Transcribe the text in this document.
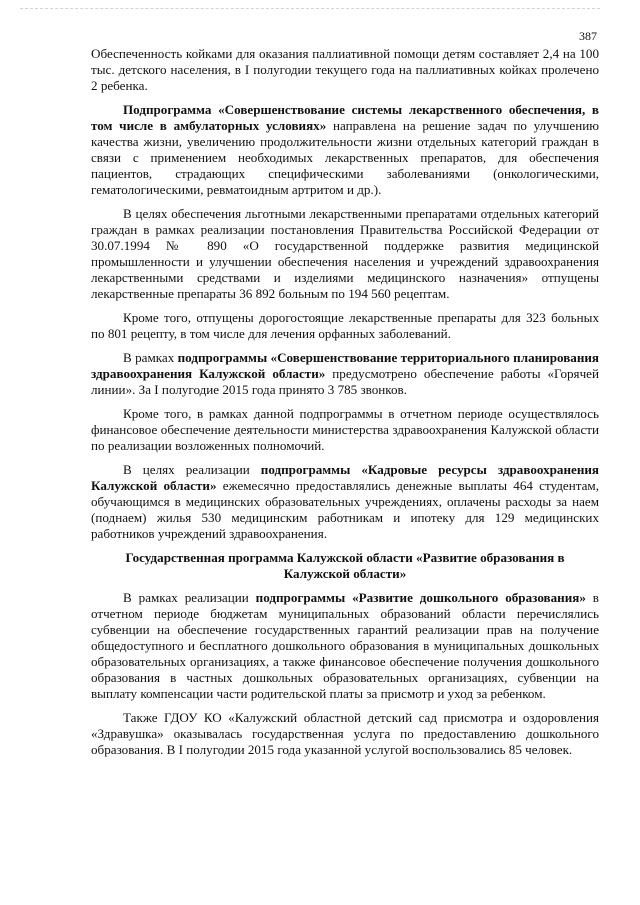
387

Обеспеченность койками для оказания паллиативной помощи детям составляет 2,4 на 100 тыс. детского населения, в I полугодии текущего года на паллиативных койках пролечено 2 ребенка.

Подпрограмма «Совершенствование системы лекарственного обеспечения, в том числе в амбулаторных условиях» направлена на решение задач по улучшению качества жизни, увеличению продолжительности жизни отдельных категорий граждан в связи с применением необходимых лекарственных препаратов, для обеспечения пациентов, страдающих специфическими заболеваниями (онкологическими, гематологическими, ревматоидным артритом и др.).

В целях обеспечения льготными лекарственными препаратами отдельных категорий граждан в рамках реализации постановления Правительства Российской Федерации от 30.07.1994 № 890 «О государственной поддержке развития медицинской промышленности и улучшении обеспечения населения и учреждений здравоохранения лекарственными средствами и изделиями медицинского назначения» отпущены лекарственные препараты 36 892 больным по 194 560 рецептам.

Кроме того, отпущены дорогостоящие лекарственные препараты для 323 больных по 801 рецепту, в том числе для лечения орфанных заболеваний.

В рамках подпрограммы «Совершенствование территориального планирования здравоохранения Калужской области» предусмотрено обеспечение работы «Горячей линии». За I полугодие 2015 года принято 3 785 звонков.

Кроме того, в рамках данной подпрограммы в отчетном периоде осуществлялось финансовое обеспечение деятельности министерства здравоохранения Калужской области по реализации возложенных полномочий.

В целях реализации подпрограммы «Кадровые ресурсы здравоохранения Калужской области» ежемесячно предоставлялись денежные выплаты 464 студентам, обучающимся в медицинских образовательных учреждениях, оплачены расходы за наем (поднаем) жилья 530 медицинским работникам и ипотеку для 129 медицинских работников учреждений здравоохранения.

Государственная программа Калужской области «Развитие образования в Калужской области»

В рамках реализации подпрограммы «Развитие дошкольного образования» в отчетном периоде бюджетам муниципальных образований области перечислялись субвенции на обеспечение государственных гарантий реализации прав на получение общедоступного и бесплатного дошкольного образования в муниципальных дошкольных образовательных организациях, а также финансовое обеспечение получения дошкольного образования в частных дошкольных образовательных организациях, субвенции на выплату компенсации части родительской платы за присмотр и уход за ребенком.

Также ГДОУ КО «Калужский областной детский сад присмотра и оздоровления «Здравушка» оказывалась государственная услуга по предоставлению дошкольного образования. В I полугодии 2015 года указанной услугой воспользовались 85 человек.
